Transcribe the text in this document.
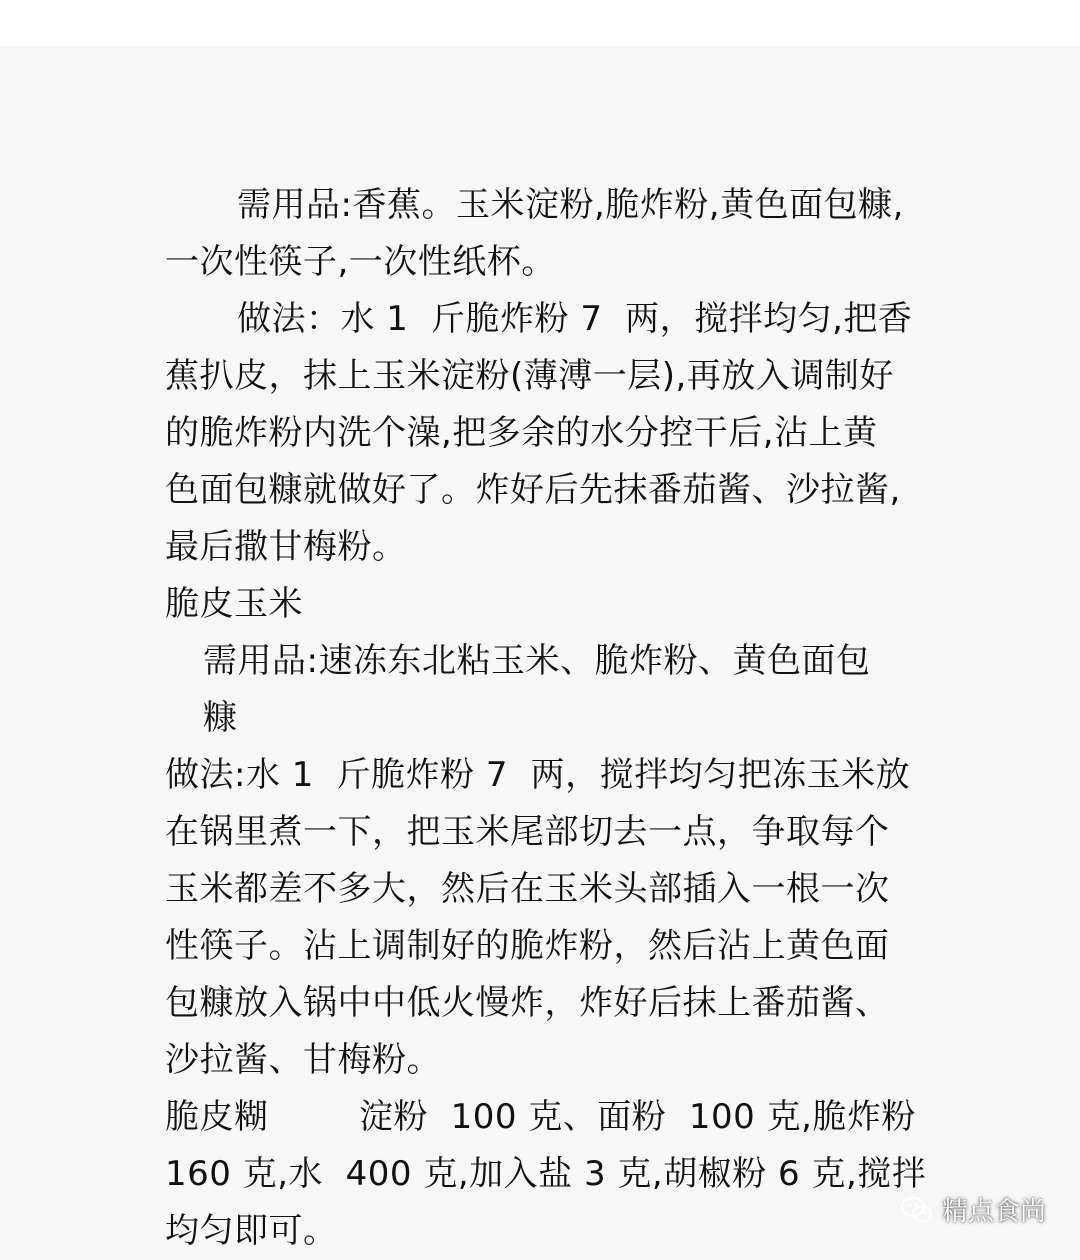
需用品:香蕉。玉米淀粉,脆炸粉,黄色面包糠,
一次性筷子,一次性纸杯。
做法：水 1  斤脆炸粉 7  两，搅拌均匀,把香
蕉扒皮，抹上玉米淀粉(薄溥一层),再放入调制好
的脆炸粉内洗个澡,把多余的水分控干后,沾上黄
色面包糠就做好了。炸好后先抹番茄酱、沙拉酱,
最后撒甘梅粉。
脆皮玉米
需用品:速冻东北粘玉米、脆炸粉、黄色面包
糠
做法:水 1  斤脆炸粉 7  两，搅拌均匀把冻玉米放
在锅里煮一下，把玉米尾部切去一点，争取每个
玉米都差不多大，然后在玉米头部插入一根一次
性筷子。沾上调制好的脆炸粉，然后沾上黄色面
包糠放入锅中中低火慢炸，炸好后抹上番茄酱、
沙拉酱、甘梅粉。
脆皮糊        淀粉  100 克、面粉  100 克,脆炸粉
160 克,水  400 克,加入盐 3 克,胡椒粉 6 克,搅拌
均匀即可。	精点食尚
